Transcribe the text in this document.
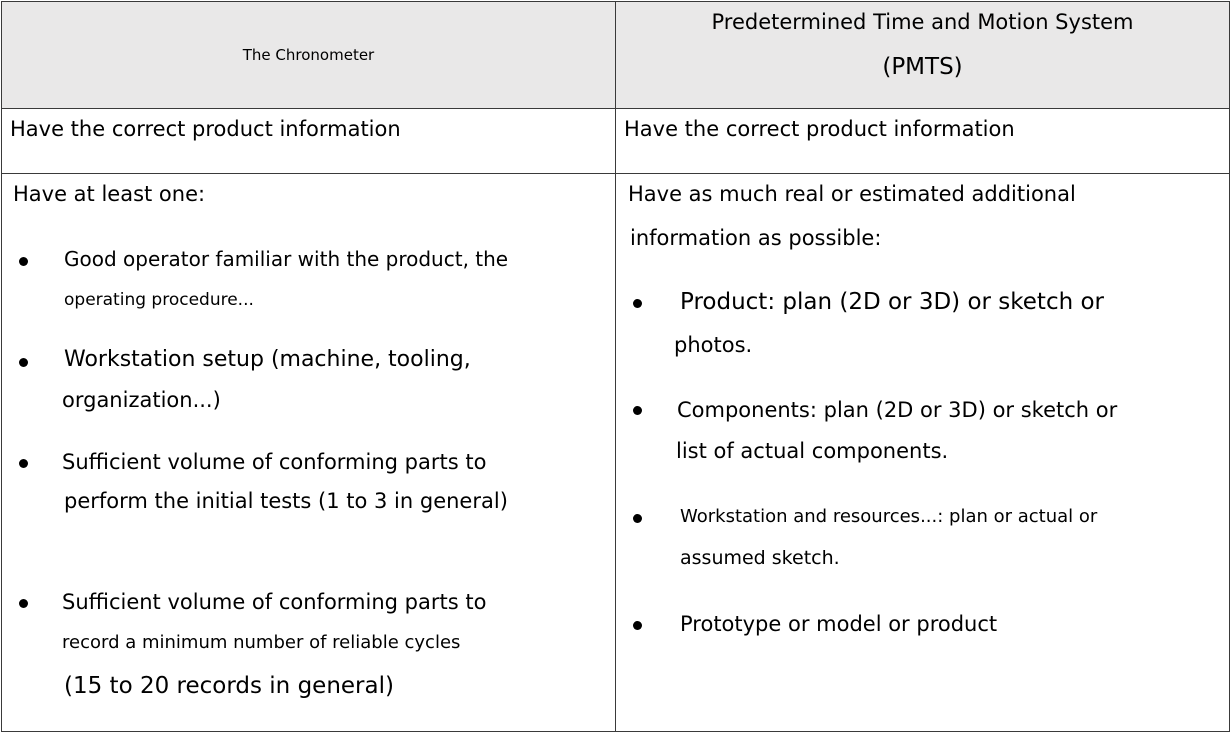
The Chronometer
Predetermined Time and Motion System
(PMTS)
Have the correct product information	Have the correct product information
Have at least one:
Good operator familiar with the product, the
operating procedure...
Workstation setup (machine, tooling,
organization...)
Sufficient volume of conforming parts to
perform the initial tests (1 to 3 in general)
Sufficient volume of conforming parts to
record a minimum number of reliable cycles
(15 to 20 records in general)
Have as much real or estimated additional
information as possible:
Product: plan (2D or 3D) or sketch or
photos.
Components: plan (2D or 3D) or sketch or
list of actual components.
Workstation and resources...: plan or actual or
assumed sketch.
Prototype or model or product
